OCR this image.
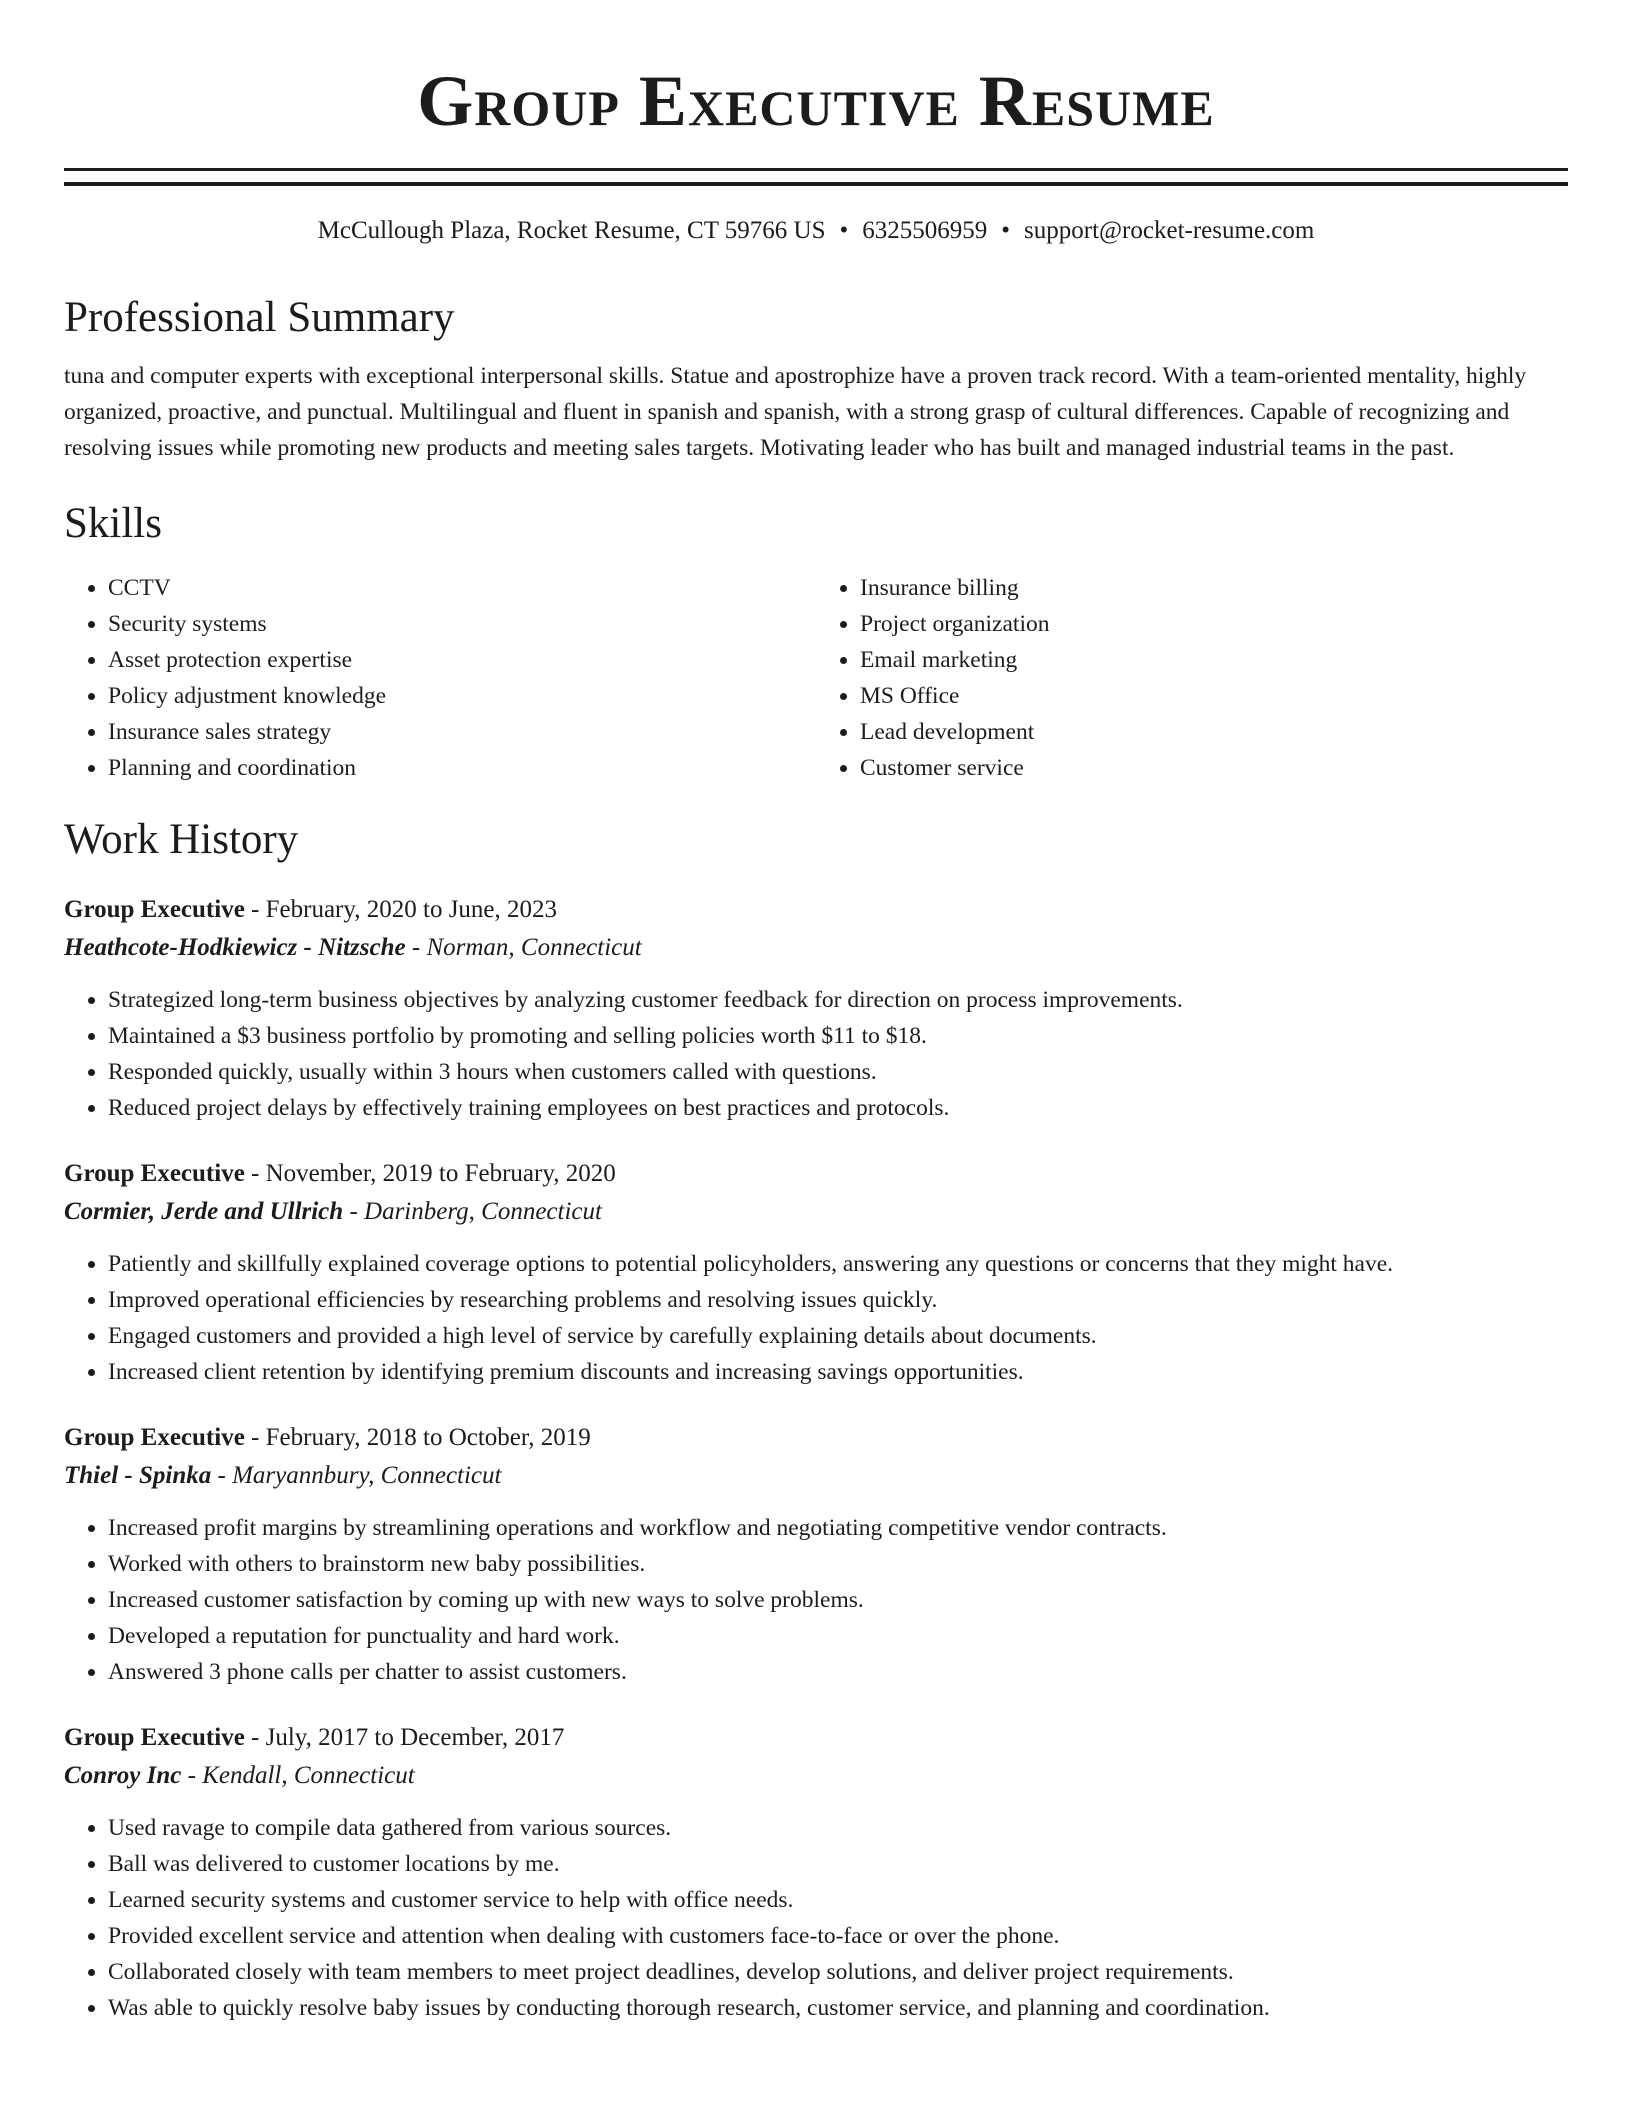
Group Executive Resume
McCullough Plaza, Rocket Resume, CT 59766 US • 6325506959 • support@rocket-resume.com
Professional Summary

tuna and computer experts with exceptional interpersonal skills. Statue and apostrophize have a proven track record. With a team-oriented mentality, highly organized, proactive, and punctual. Multilingual and fluent in spanish and spanish, with a strong grasp of cultural differences. Capable of recognizing and resolving issues while promoting new products and meeting sales targets. Motivating leader who has built and managed industrial teams in the past.

Skills
• CCTV
• Security systems
• Asset protection expertise
• Policy adjustment knowledge
• Insurance sales strategy
• Planning and coordination
• Insurance billing
• Project organization
• Email marketing
• MS Office
• Lead development
• Customer service
Work History
Group Executive - February, 2020 to June, 2023
Heathcote-Hodkiewicz - Nitzsche - Norman, Connecticut
• Strategized long-term business objectives by analyzing customer feedback for direction on process improvements.
• Maintained a $3 business portfolio by promoting and selling policies worth $11 to $18.
• Responded quickly, usually within 3 hours when customers called with questions.
• Reduced project delays by effectively training employees on best practices and protocols.
Group Executive - November, 2019 to February, 2020
Cormier, Jerde and Ullrich - Darinberg, Connecticut
• Patiently and skillfully explained coverage options to potential policyholders, answering any questions or concerns that they might have.
• Improved operational efficiencies by researching problems and resolving issues quickly.
• Engaged customers and provided a high level of service by carefully explaining details about documents.
• Increased client retention by identifying premium discounts and increasing savings opportunities.
Group Executive - February, 2018 to October, 2019
Thiel - Spinka - Maryannbury, Connecticut
• Increased profit margins by streamlining operations and workflow and negotiating competitive vendor contracts.
• Worked with others to brainstorm new baby possibilities.
• Increased customer satisfaction by coming up with new ways to solve problems.
• Developed a reputation for punctuality and hard work.
• Answered 3 phone calls per chatter to assist customers.
Group Executive - July, 2017 to December, 2017
Conroy Inc - Kendall, Connecticut
• Used ravage to compile data gathered from various sources.
• Ball was delivered to customer locations by me.
• Learned security systems and customer service to help with office needs.
• Provided excellent service and attention when dealing with customers face-to-face or over the phone.
• Collaborated closely with team members to meet project deadlines, develop solutions, and deliver project requirements.
• Was able to quickly resolve baby issues by conducting thorough research, customer service, and planning and coordination.
